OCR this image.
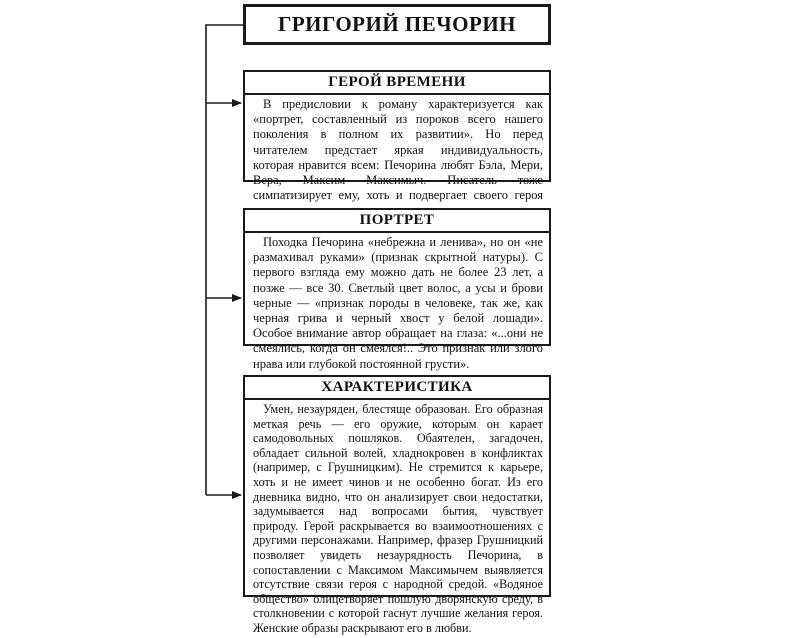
ГРИГОРИЙ ПЕЧОРИН
ГЕРОЙ ВРЕМЕНИ
В предисловии к роману характеризуется как «портрет, составленный из пороков всего нашего поколения в полном их развитии». Но перед читателем предстает яркая индивидуальность, которая нравится всем: Печорина любят Бэла, Мери, Вера, Максим Максимыч. Писатель тоже симпатизирует ему, хоть и подвергает своего героя
ПОРТРЕТ
Походка Печорина «небрежна и ленива», но он «не размахивал руками» (признак скрытной натуры). С первого взгляда ему можно дать не более 23 лет, а позже — все 30. Светлый цвет волос, а усы и брови черные — «признак породы в человеке, так же, как черная грива и черный хвост у белой лошади». Особое внимание автор обращает на глаза: «...они не смеялись, когда он смеялся!.. Это признак или злого нрава или глубокой постоянной грусти».
ХАРАКТЕРИСТИКА
Умен, незауряден, блестяще образован. Его образная меткая речь — его оружие, которым он карает самодовольных пошляков. Обаятелен, загадочен, обладает сильной волей, хладнокровен в конфликтах (например, с Грушницким). Не стремится к карьере, хоть и не имеет чинов и не особенно богат. Из его дневника видно, что он анализирует свои недостатки, задумывается над вопросами бытия, чувствует природу. Герой раскрывается во взаимоотношениях с другими персонажами. Например, фразер Грушницкий позволяет увидеть незаурядность Печорина, в сопоставлении с Максимом Максимычем выявляется отсутствие связи героя с народной средой. «Водяное общество» олицетворяет пошлую дворянскую среду, в столкновении с которой гаснут лучшие желания героя. Женские образы раскрывают его в любви.
